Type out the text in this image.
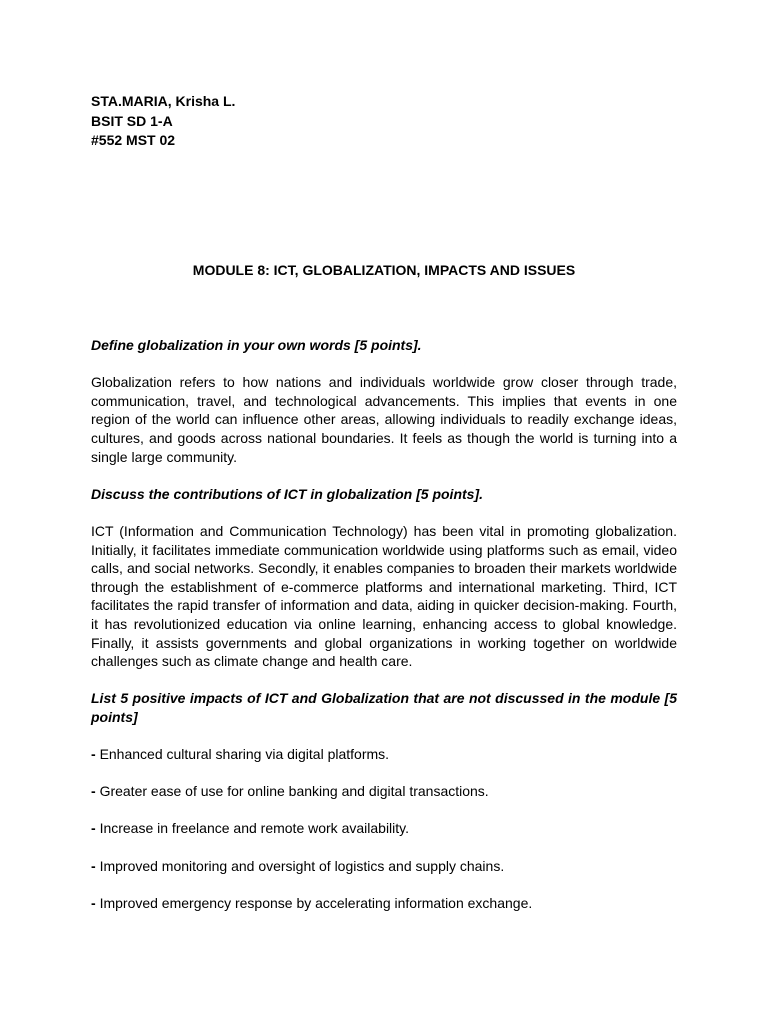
STA.MARIA, Krisha L.
BSIT SD 1-A
#552 MST 02
MODULE 8: ICT, GLOBALIZATION, IMPACTS AND ISSUES

Define globalization in your own words [5 points].

Globalization refers to how nations and individuals worldwide grow closer through trade, communication, travel, and technological advancements. This implies that events in one region of the world can influence other areas, allowing individuals to readily exchange ideas, cultures, and goods across national boundaries. It feels as though the world is turning into a single large community.

Discuss the contributions of ICT in globalization [5 points].

ICT (Information and Communication Technology) has been vital in promoting globalization. Initially, it facilitates immediate communication worldwide using platforms such as email, video calls, and social networks. Secondly, it enables companies to broaden their markets worldwide through the establishment of e-commerce platforms and international marketing. Third, ICT facilitates the rapid transfer of information and data, aiding in quicker decision-making. Fourth, it has revolutionized education via online learning, enhancing access to global knowledge. Finally, it assists governments and global organizations in working together on worldwide challenges such as climate change and health care.

List 5 positive impacts of ICT and Globalization that are not discussed in the module [5 points]

- Enhanced cultural sharing via digital platforms.

- Greater ease of use for online banking and digital transactions.

- Increase in freelance and remote work availability.

- Improved monitoring and oversight of logistics and supply chains.

- Improved emergency response by accelerating information exchange.
